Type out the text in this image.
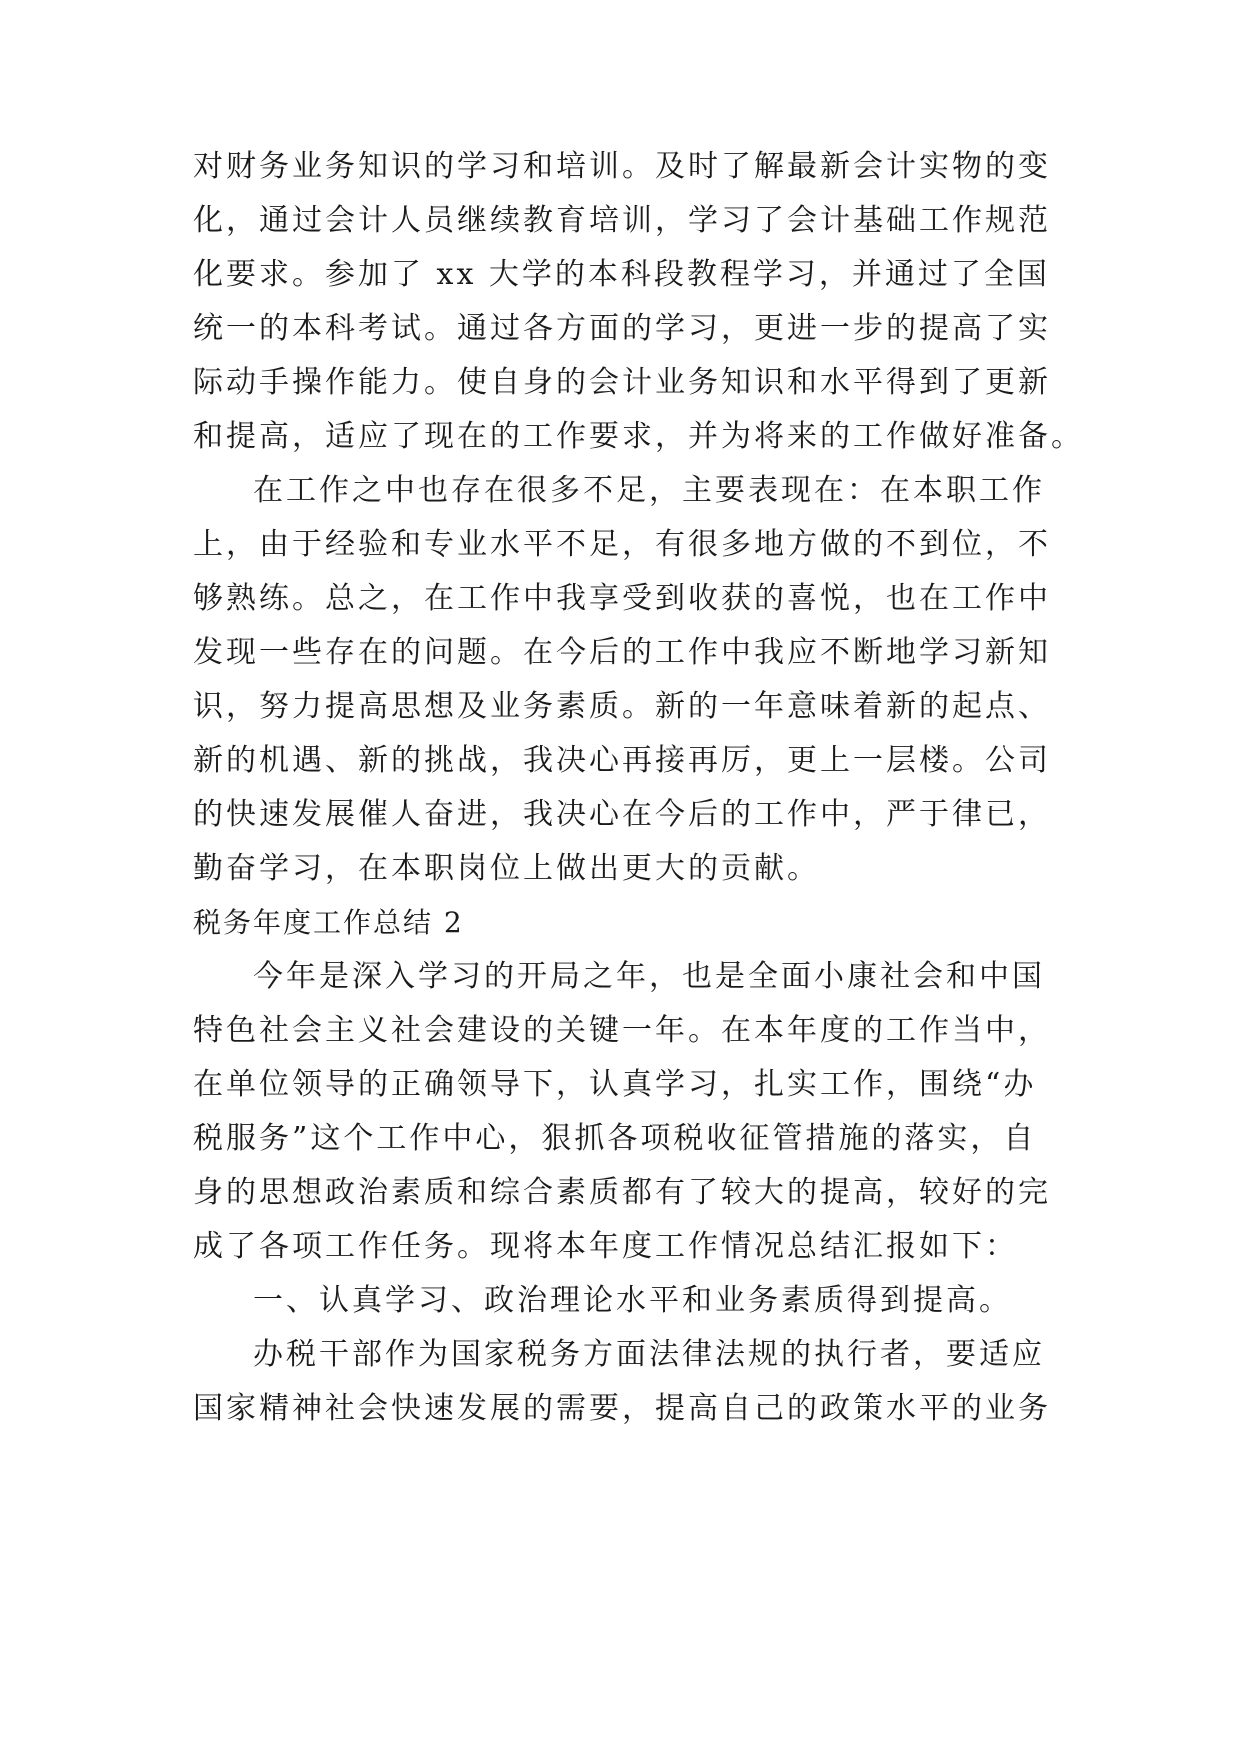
对财务业务知识的学习和培训。及时了解最新会计实物的变
化，通过会计人员继续教育培训，学习了会计基础工作规范
化要求。参加了 xx 大学的本科段教程学习，并通过了全国
统一的本科考试。通过各方面的学习，更进一步的提高了实
际动手操作能力。使自身的会计业务知识和水平得到了更新
和提高，适应了现在的工作要求，并为将来的工作做好准备。
在工作之中也存在很多不足，主要表现在：在本职工作
上，由于经验和专业水平不足，有很多地方做的不到位，不
够熟练。总之，在工作中我享受到收获的喜悦，也在工作中
发现一些存在的问题。在今后的工作中我应不断地学习新知
识，努力提高思想及业务素质。新的一年意味着新的起点、
新的机遇、新的挑战，我决心再接再厉，更上一层楼。公司
的快速发展催人奋进，我决心在今后的工作中，严于律已，
勤奋学习，在本职岗位上做出更大的贡献。
税务年度工作总结 2
今年是深入学习的开局之年，也是全面小康社会和中国
特色社会主义社会建设的关键一年。在本年度的工作当中，
在单位领导的正确领导下，认真学习，扎实工作，围绕“办
税服务”这个工作中心，狠抓各项税收征管措施的落实，自
身的思想政治素质和综合素质都有了较大的提高，较好的完
成了各项工作任务。现将本年度工作情况总结汇报如下：
一、认真学习、政治理论水平和业务素质得到提高。
办税干部作为国家税务方面法律法规的执行者，要适应
国家精神社会快速发展的需要，提高自己的政策水平的业务
